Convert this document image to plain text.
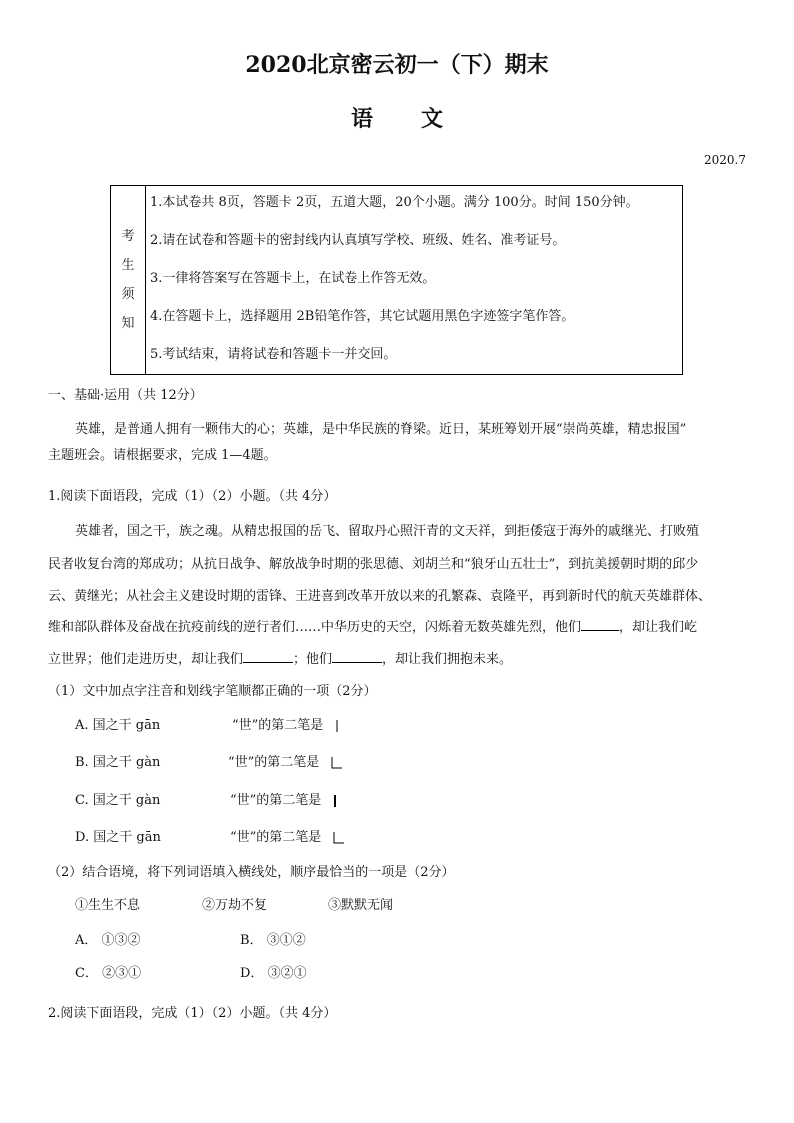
2020北京密云初一（下）期末
语 文
2020.7
考
生
须
知
1.本试卷共 8页，答题卡 2页，五道大题，20个小题。满分 100分。时间 150分钟。
2.请在试卷和答题卡的密封线内认真填写学校、班级、姓名、准考证号。
3.一律将答案写在答题卡上，在试卷上作答无效。
4.在答题卡上，选择题用 2B铅笔作答，其它试题用黑色字迹签字笔作答。
5.考试结束，请将试卷和答题卡一并交回。
一、基础·运用（共 12分）
英雄，是普通人拥有一颗伟大的心；英雄，是中华民族的脊梁。近日，某班筹划开展“崇尚英雄，精忠报国”
主题班会。请根据要求，完成 1—4题。
1.阅读下面语段，完成（1）（2）小题。（共 4分）
英雄者，国之干，族之魂。从精忠报国的岳飞、留取丹心照汗青的文天祥，到拒倭寇于海外的戚继光、打败殖
民者收复台湾的郑成功；从抗日战争、解放战争时期的张思德、刘胡兰和“狼牙山五壮士”，到抗美援朝时期的邱少
云、黄继光；从社会主义建设时期的雷锋、王进喜到改革开放以来的孔繁森、袁隆平，再到新时代的航天英雄群体、
维和部队群体及奋战在抗疫前线的逆行者们……中华历史的天空，闪烁着无数英雄先烈，他们	，却让我们屹
立世界；他们走进历史，却让我们	；他们	，却让我们拥抱未来。
（1）文中加点字注音和划线字笔顺都正确的一项（2分）
A. 国之干 gān	“世”的第二笔是
B. 国之干 gàn	“世”的第二笔是
C. 国之干 gàn	“世”的第二笔是
D. 国之干 gān	“世”的第二笔是
（2）结合语境，将下列词语填入横线处，顺序最恰当的一项是（2分）
①生生不息	②万劫不复	③默默无闻
A． ①③②	B． ③①②
C． ②③①	D． ③②①
2.阅读下面语段，完成（1）（2）小题。（共 4分）
